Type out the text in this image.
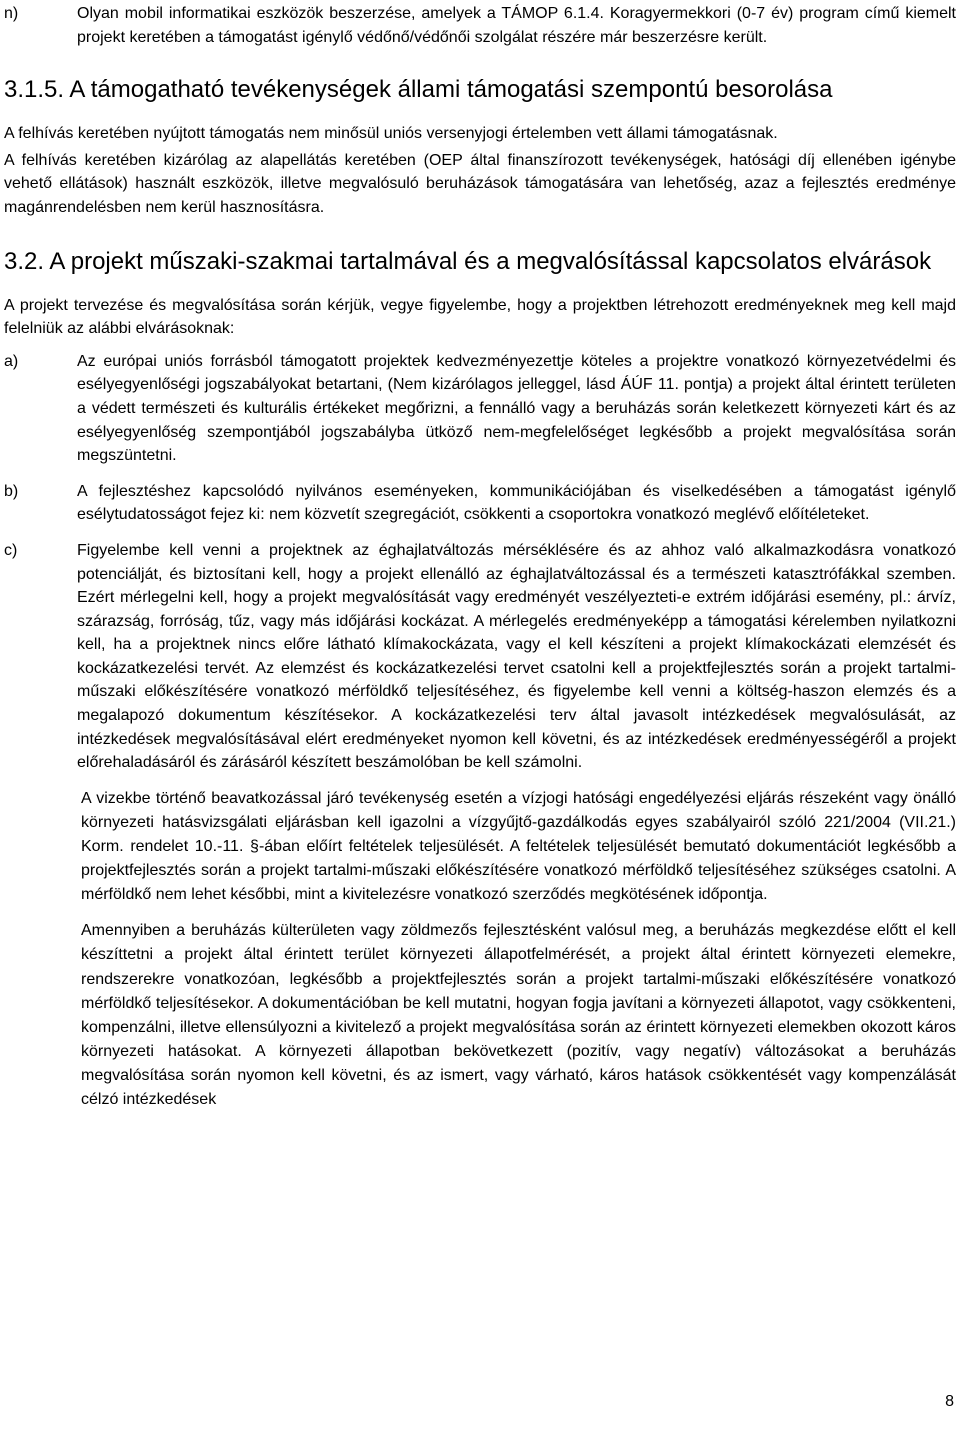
n)	Olyan mobil informatikai eszközök beszerzése, amelyek a TÁMOP 6.1.4. Koragyermekkori (0-7 év) program című kiemelt projekt keretében a támogatást igénylő védőnő/védőnői szolgálat részére már beszerzésre került.

3.1.5. A támogatható tevékenységek állami támogatási szempontú besorolása

A felhívás keretében nyújtott támogatás nem minősül uniós versenyjogi értelemben vett állami támogatásnak.

A felhívás keretében kizárólag az alapellátás keretében (OEP által finanszírozott tevékenységek, hatósági díj ellenében igénybe vehető ellátások) használt eszközök, illetve megvalósuló beruházások támogatására van lehetőség, azaz a fejlesztés eredménye magánrendelésben nem kerül hasznosításra.

3.2. A projekt műszaki-szakmai tartalmával és a megvalósítással kapcsolatos elvárások

A projekt tervezése és megvalósítása során kérjük, vegye figyelembe, hogy a projektben létrehozott eredményeknek meg kell majd felelniük az alábbi elvárásoknak:

a)	Az európai uniós forrásból támogatott projektek kedvezményezettje köteles a projektre vonatkozó környezetvédelmi és esélyegyenlőségi jogszabályokat betartani, (Nem kizárólagos jelleggel, lásd ÁÚF 11. pontja) a projekt által érintett területen a védett természeti és kulturális értékeket megőrizni, a fennálló vagy a beruházás során keletkezett környezeti kárt és az esélyegyenlőség szempontjából jogszabályba ütköző nem-megfelelőséget legkésőbb a projekt megvalósítása során megszüntetni.

b)	A fejlesztéshez kapcsolódó nyilvános eseményeken, kommunikációjában és viselkedésében a támogatást igénylő esélytudatosságot fejez ki: nem közvetít szegregációt, csökkenti a csoportokra vonatkozó meglévő előítéleteket.

c)	Figyelembe kell venni a projektnek az éghajlatváltozás mérséklésére és az ahhoz való alkalmazkodásra vonatkozó potenciálját, és biztosítani kell, hogy a projekt ellenálló az éghajlatváltozással és a természeti katasztrófákkal szemben. Ezért mérlegelni kell, hogy a projekt megvalósítását vagy eredményét veszélyezteti-e extrém időjárási esemény, pl.: árvíz, szárazság, forróság, tűz, vagy más időjárási kockázat. A mérlegelés eredményeképp a támogatási kérelemben nyilatkozni kell, ha a projektnek nincs előre látható klímakockázata, vagy el kell készíteni a projekt klímakockázati elemzését és kockázatkezelési tervét. Az elemzést és kockázatkezelési tervet csatolni kell a projektfejlesztés során a projekt tartalmi-műszaki előkészítésére vonatkozó mérföldkő teljesítéséhez, és figyelembe kell venni a költség-haszon elemzés és a megalapozó dokumentum készítésekor. A kockázatkezelési terv által javasolt intézkedések megvalósulását, az intézkedések megvalósításával elért eredményeket nyomon kell követni, és az intézkedések eredményességéről a projekt előrehaladásáról és zárásáról készített beszámolóban be kell számolni.

A vizekbe történő beavatkozással járó tevékenység esetén a vízjogi hatósági engedélyezési eljárás részeként vagy önálló környezeti hatásvizsgálati eljárásban kell igazolni a vízgyűjtő-gazdálkodás egyes szabályairól szóló 221/2004 (VII.21.) Korm. rendelet 10.-11. §-ában előírt feltételek teljesülését. A feltételek teljesülését bemutató dokumentációt legkésőbb a projektfejlesztés során a projekt tartalmi-műszaki előkészítésére vonatkozó mérföldkő teljesítéséhez szükséges csatolni. A mérföldkő nem lehet későbbi, mint a kivitelezésre vonatkozó szerződés megkötésének időpontja.

Amennyiben a beruházás külterületen vagy zöldmezős fejlesztésként valósul meg, a beruházás megkezdése előtt el kell készíttetni a projekt által érintett terület környezeti állapotfelmérését, a projekt által érintett környezeti elemekre, rendszerekre vonatkozóan, legkésőbb a projektfejlesztés során a projekt tartalmi-műszaki előkészítésére vonatkozó mérföldkő teljesítésekor. A dokumentációban be kell mutatni, hogyan fogja javítani a környezeti állapotot, vagy csökkenteni, kompenzálni, illetve ellensúlyozni a kivitelező a projekt megvalósítása során az érintett környezeti elemekben okozott káros környezeti hatásokat. A környezeti állapotban bekövetkezett (pozitív, vagy negatív) változásokat a beruházás megvalósítása során nyomon kell követni, és az ismert, vagy várható, káros hatások csökkentését vagy kompenzálását célzó intézkedések

8
